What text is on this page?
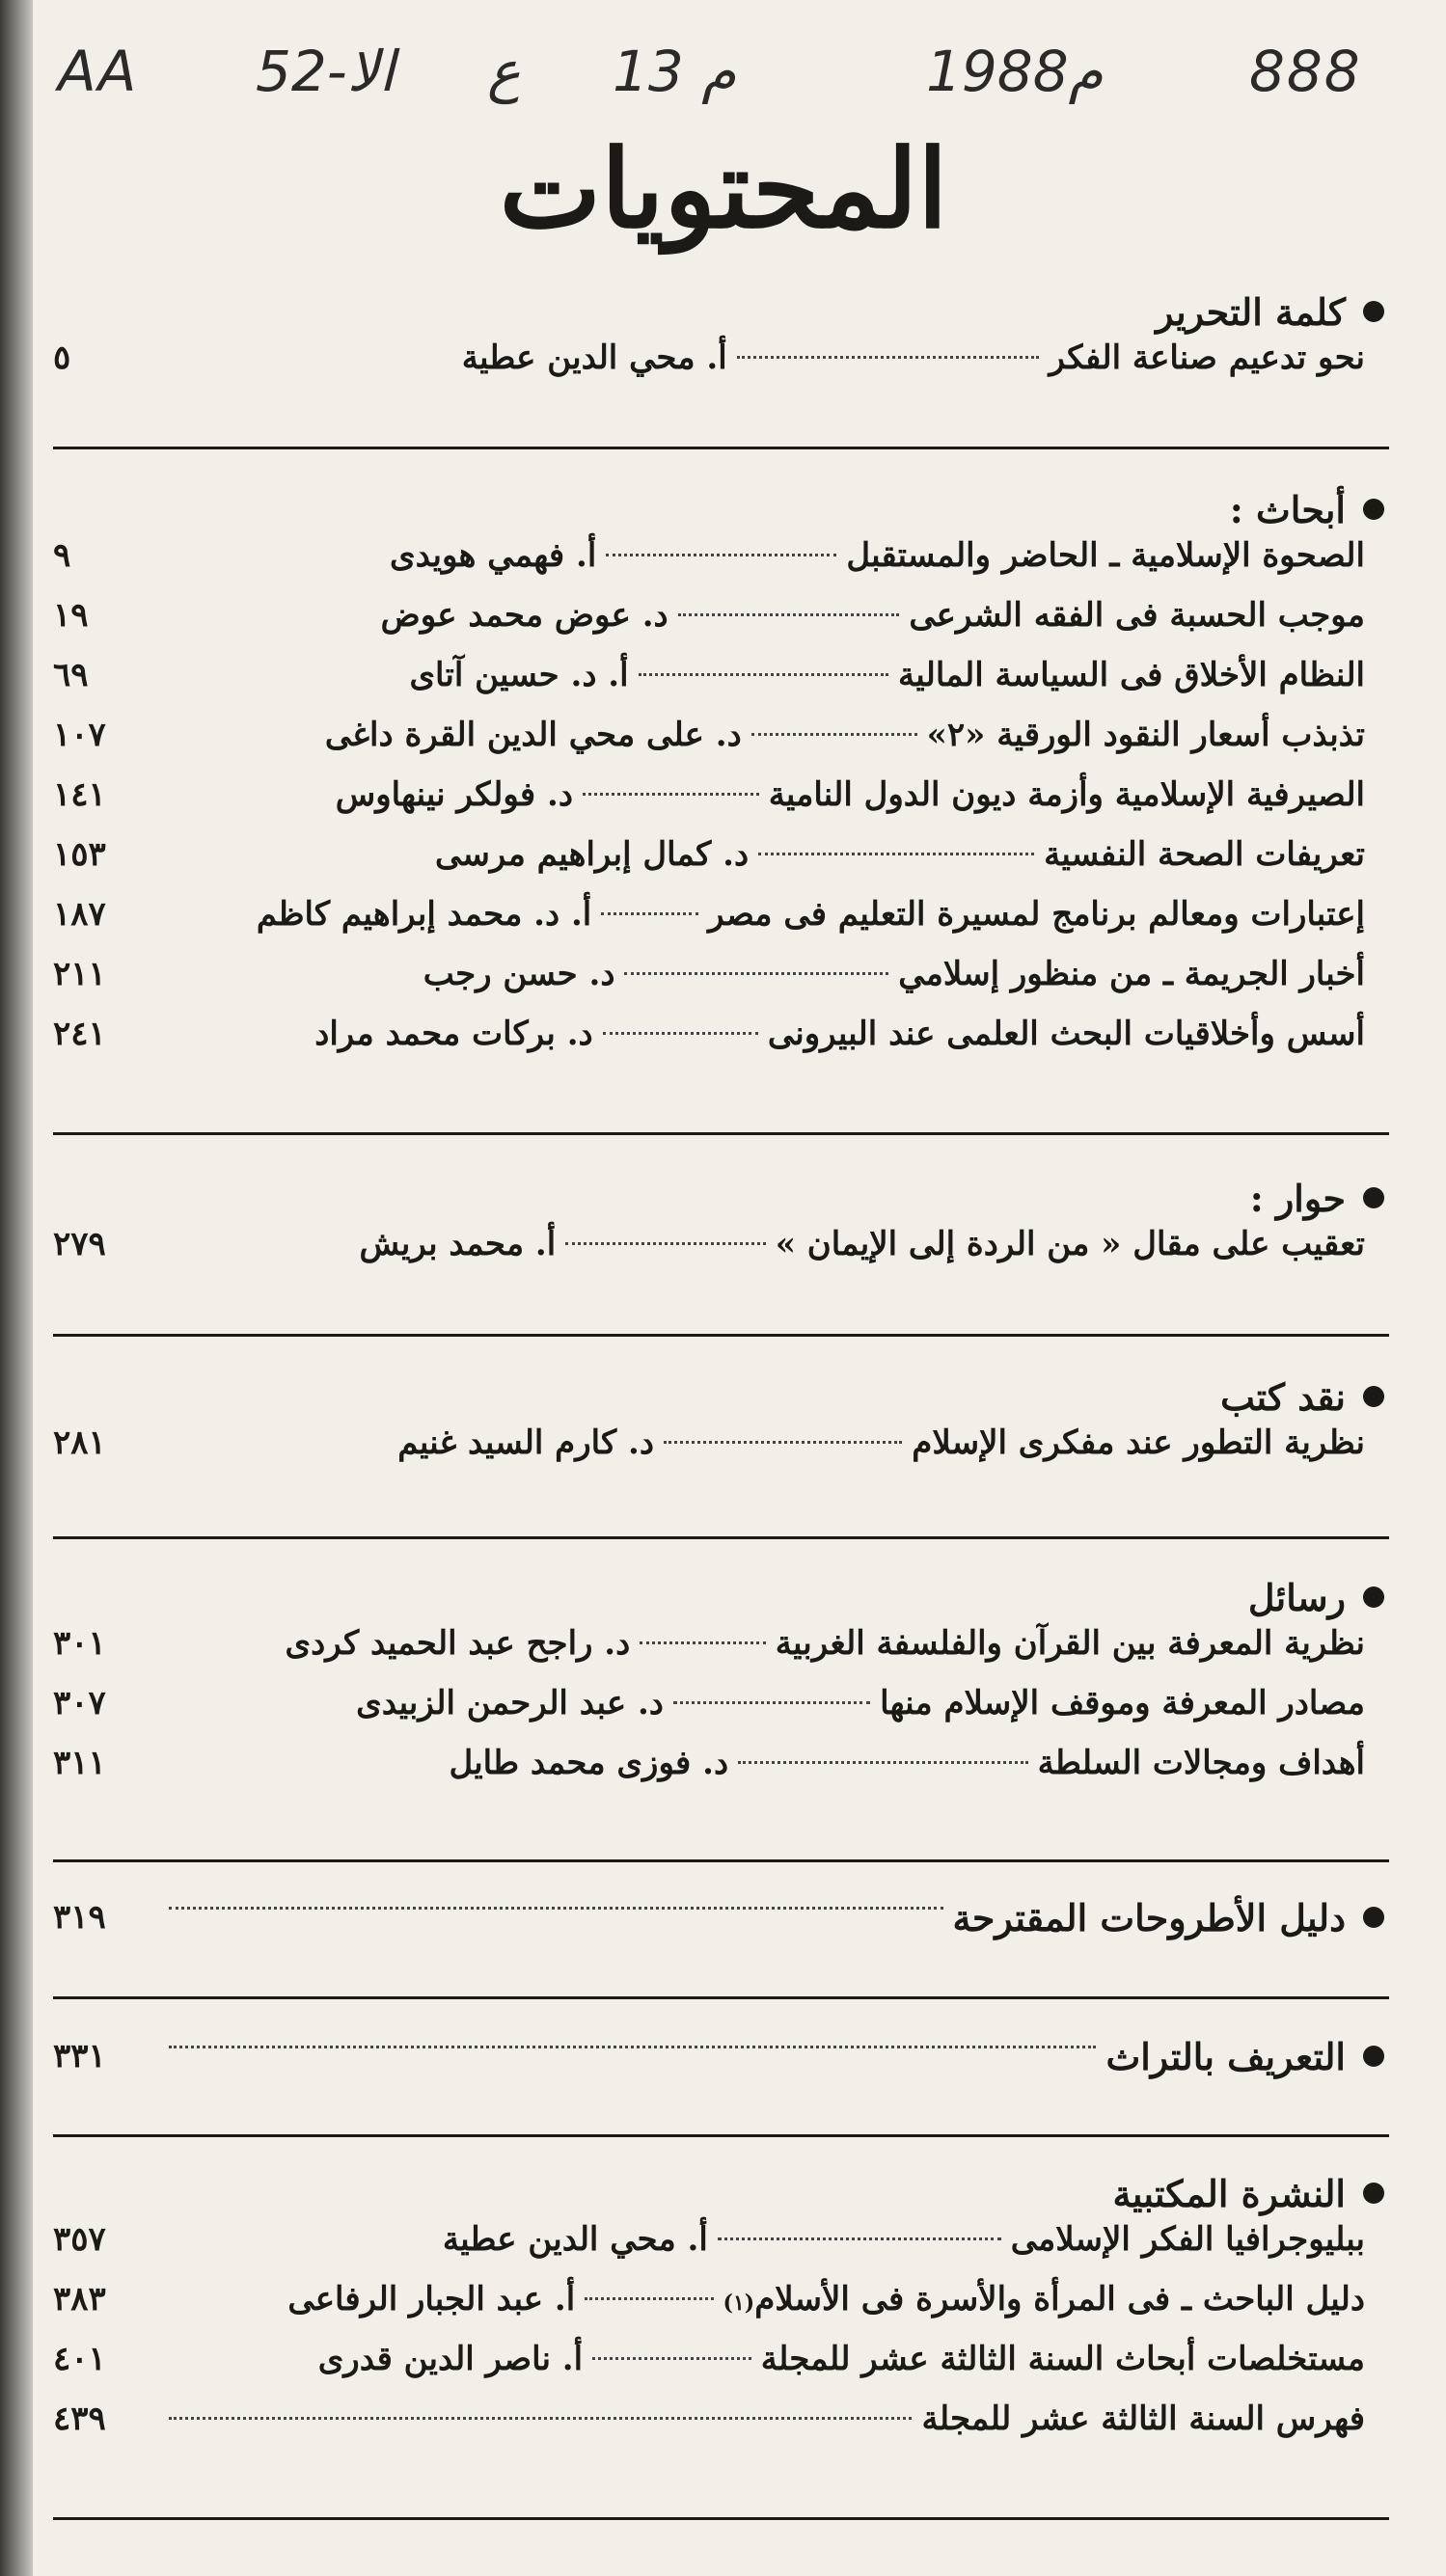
AA 52-الا ع 13 م	1988م	888
المحتويات
كلمة التحرير
نحو تدعيم صناعة الفكر
أ. محي الدين عطية
٥
أبحاث :
الصحوة الإسلامية ـ الحاضر والمستقبل
أ. فهمي هويدى
٩
موجب الحسبة فى الفقه الشرعى
د. عوض محمد عوض
١٩
النظام الأخلاق فى السياسة المالية
أ. د. حسين آتاى
٦٩
تذبذب أسعار النقود الورقية «٢»
د. على محي الدين القرة داغى
١٠٧
الصيرفية الإسلامية وأزمة ديون الدول النامية
د. فولكر نينهاوس
١٤١
تعريفات الصحة النفسية
د. كمال إبراهيم مرسى
١٥٣
إعتبارات ومعالم برنامج لمسيرة التعليم فى مصر
أ. د. محمد إبراهيم كاظم
١٨٧
أخبار الجريمة ـ من منظور إسلامي
د. حسن رجب
٢١١
أسس وأخلاقيات البحث العلمى عند البيرونى
د. بركات محمد مراد
٢٤١
حوار :
تعقيب على مقال « من الردة إلى الإيمان »
أ. محمد بريش
٢٧٩
نقد كتب
نظرية التطور عند مفكرى الإسلام
د. كارم السيد غنيم
٢٨١
رسائل
نظرية المعرفة بين القرآن والفلسفة الغربية
د. راجح عبد الحميد كردى
٣٠١
مصادر المعرفة وموقف الإسلام منها
د. عبد الرحمن الزبيدى
٣٠٧
أهداف ومجالات السلطة
د. فوزى محمد طايل
٣١١
دليل الأطروحات المقترحة
٣١٩
التعريف بالتراث
٣٣١
النشرة المكتبية
ببليوجرافيا الفكر الإسلامى
أ. محي الدين عطية
٣٥٧
دليل الباحث ـ فى المرأة والأسرة فى الأسلام
(١)
أ. عبد الجبار الرفاعى
٣٨٣
مستخلصات أبحاث السنة الثالثة عشر للمجلة
أ. ناصر الدين قدرى
٤٠١
فهرس السنة الثالثة عشر للمجلة
٤٣٩
